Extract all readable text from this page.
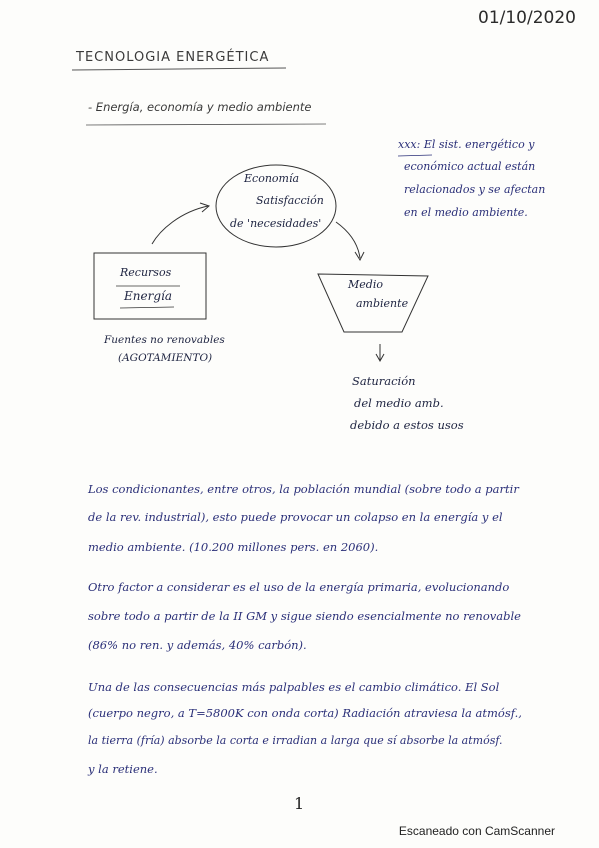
01/10/2020
TECNOLOGIA ENERGÉTICA
- Energía, economía y medio ambiente
Economía
Satisfacción
de 'necesidades'
Recursos
Energía
Fuentes no renovables
(AGOTAMIENTO)
Medio
ambiente
Saturación
del medio amb.
debido a estos usos
xxx: El sist. energético y
económico actual están
relacionados y se afectan
en el medio ambiente.
Los condicionantes, entre otros, la población mundial (sobre todo a partir
de la rev. industrial), esto puede provocar un colapso en la energía y el
medio ambiente. (10.200 millones pers. en 2060).
Otro factor a considerar es el uso de la energía primaria, evolucionando
sobre todo a partir de la II GM y sigue siendo esencialmente no renovable
(86% no ren. y además, 40% carbón).
Una de las consecuencias más palpables es el cambio climático. El Sol
(cuerpo negro, a T=5800K con onda corta) Radiación atraviesa la atmósf.,
la tierra (fría) absorbe la corta e irradian a larga que sí absorbe la atmósf.
y la retiene.
1
Escaneado con CamScanner
